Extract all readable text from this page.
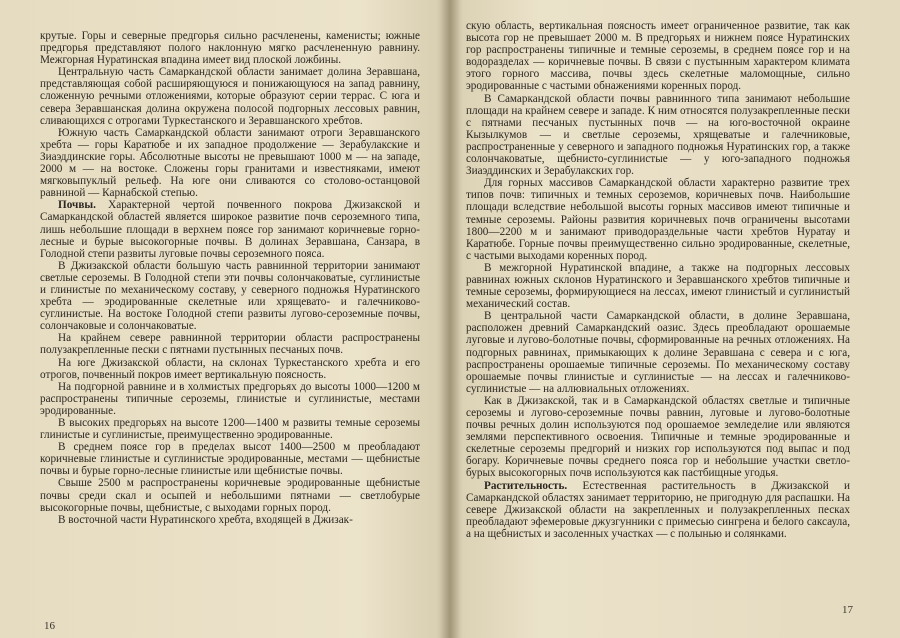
крутые. Горы и северные предгорья сильно расчленены, каменисты; южные предгорья представляют полого наклонную мягко расчлененную равнину. Межгорная Нуратинская впадина имеет вид плоской ложбины.

Центральную часть Самаркандской области занимает долина Зеравшана, представляющая собой расширяющуюся и понижающуюся на запад равнину, сложенную речными отложениями, которые образуют серии террас. С юга и севера Зеравшанская долина окружена полосой подгорных лессовых равнин, сливающихся с отрогами Туркестанского и Зеравшанского хребтов.

Южную часть Самаркандской области занимают отроги Зеравшанского хребта — горы Каратюбе и их западное продолжение — Зерабулакские и Зиаэддинские горы. Абсолютные высоты не превышают 1000 м — на западе, 2000 м — на востоке. Сложены горы гранитами и известняками, имеют мягковыпуклый рельеф. На юге они сливаются со столово-останцовой равниной — Карнабской степью.

Почвы. Характерной чертой почвенного покрова Джизакской и Самаркандской областей является широкое развитие почв сероземного типа, лишь небольшие площади в верхнем поясе гор занимают коричневые горно-лесные и бурые высокогорные почвы. В долинах Зеравшана, Санзара, в Голодной степи развиты луговые почвы сероземного пояса.

В Джизакской области большую часть равнинной территории занимают светлые сероземы. В Голодной степи эти почвы солончаковатые, суглинистые и глинистые по механическому составу, у северного подножья Нуратинского хребта — эродированные скелетные или хрящевато- и галечниково-суглинистые. На востоке Голодной степи развиты лугово-сероземные почвы, солончаковые и солончаковатые.

На крайнем севере равнинной территории области распространены полузакрепленные пески с пятнами пустынных песчаных почв.

На юге Джизакской области, на склонах Туркестанского хребта и его отрогов, почвенный покров имеет вертикальную поясность.

На подгорной равнине и в холмистых предгорьях до высоты 1000—1200 м распространены типичные сероземы, глинистые и суглинистые, местами эродированные.

В высоких предгорьях на высоте 1200—1400 м развиты темные сероземы глинистые и суглинистые, преимущественно эродированные.

В среднем поясе гор в пределах высот 1400—2500 м преобладают коричневые глинистые и суглинистые эродированные, местами — щебнистые почвы и бурые горно-лесные глинистые или щебнистые почвы.

Свыше 2500 м распространены коричневые эродированные щебнистые почвы среди скал и осыпей и небольшими пятнами — светлобурые высокогорные почвы, щебнистые, с выходами горных пород.

В восточной части Нуратинского хребта, входящей в Джизак-

16

скую область, вертикальная поясность имеет ограниченное развитие, так как высота гор не превышает 2000 м. В предгорьях и нижнем поясе Нуратинских гор распространены типичные и темные сероземы, в среднем поясе гор и на водоразделах — коричневые почвы. В связи с пустынным характером климата этого горного массива, почвы здесь скелетные маломощные, сильно эродированные с частыми обнажениями коренных пород.

В Самаркандской области почвы равнинного типа занимают небольшие площади на крайнем севере и западе. К ним относятся полузакрепленные пески с пятнами песчаных пустынных почв — на юго-восточной окраине Кызылкумов — и светлые сероземы, хрящеватые и галечниковые, распространенные у северного и западного подножья Нуратинских гор, а также солончаковатые, щебнисто-суглинистые — у юго-западного подножья Зиаэддинских и Зерабулакских гор.

Для горных массивов Самаркандской области характерно развитие трех типов почв: типичных и темных сероземов, коричневых почв. Наибольшие площади вследствие небольшой высоты горных массивов имеют типичные и темные сероземы. Районы развития коричневых почв ограничены высотами 1800—2200 м и занимают приводораздельные части хребтов Нуратау и Каратюбе. Горные почвы преимущественно сильно эродированные, скелетные, с частыми выходами коренных пород.

В межгорной Нуратинской впадине, а также на подгорных лессовых равнинах южных склонов Нуратинского и Зеравшанского хребтов типичные и темные сероземы, формирующиеся на лессах, имеют глинистый и суглинистый механический состав.

В центральной части Самаркандской области, в долине Зеравшана, расположен древний Самаркандский оазис. Здесь преобладают орошаемые луговые и лугово-болотные почвы, сформированные на речных отложениях. На подгорных равнинах, примыкающих к долине Зеравшана с севера и с юга, распространены орошаемые типичные сероземы. По механическому составу орошаемые почвы глинистые и суглинистые — на лессах и галечниково-суглинистые — на аллювиальных отложениях.

Как в Джизакской, так и в Самаркандской областях светлые и типичные сероземы и лугово-сероземные почвы равнин, луговые и лугово-болотные почвы речных долин используются под орошаемое земледелие или являются землями перспективного освоения. Типичные и темные эродированные и скелетные сероземы предгорий и низких гор используются под выпас и под богару. Коричневые почвы среднего пояса гор и небольшие участки светло-бурых высокогорных почв используются как пастбищные угодья.

Растительность. Естественная растительность в Джизакской и Самаркандской областях занимает территорию, не пригодную для распашки. На севере Джизакской области на закрепленных и полузакрепленных песках преобладают эфемеровые джузгунники с примесью сингрена и белого саксаула, а на щебнистых и засоленных участках — с полынью и солянками.

17
